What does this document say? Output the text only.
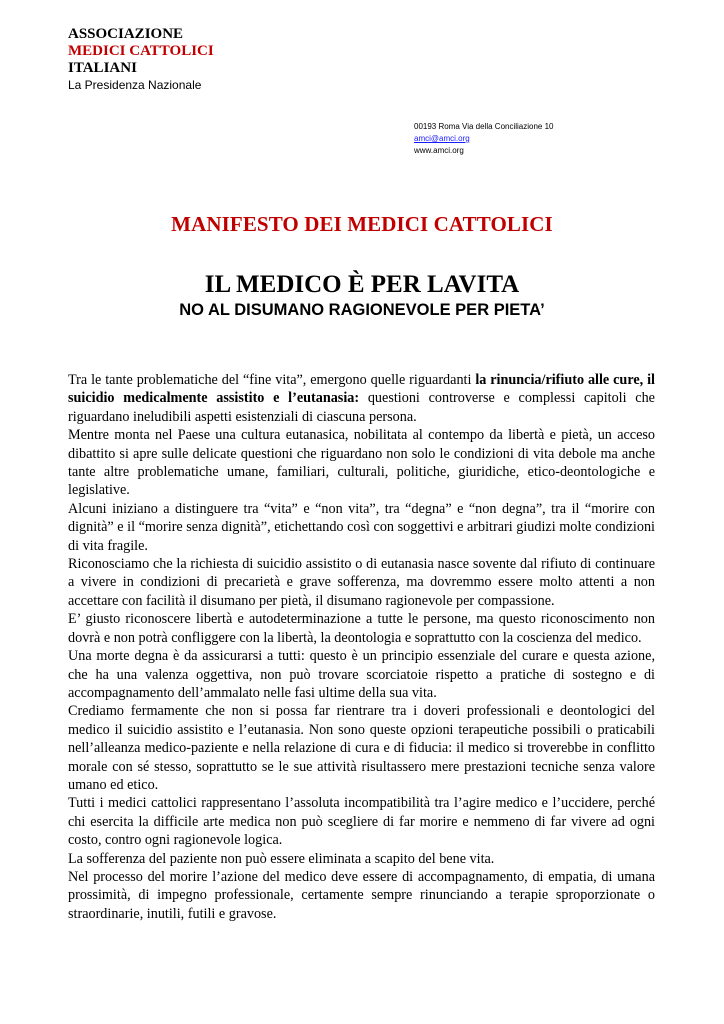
ASSOCIAZIONE
MEDICI CATTOLICI
ITALIANI
La Presidenza Nazionale
00193 Roma Via della Conciliazione 10
amci@amci.org
www.amci.org
MANIFESTO DEI MEDICI CATTOLICI
IL MEDICO È PER LAVITA
NO AL DISUMANO RAGIONEVOLE PER PIETA’

Tra le tante problematiche del “fine vita”, emergono quelle riguardanti la rinuncia/rifiuto alle cure, il suicidio medicalmente assistito e l’eutanasia: questioni controverse e complessi capitoli che riguardano ineludibili aspetti esistenziali di ciascuna persona.

Mentre monta nel Paese una cultura eutanasica, nobilitata al contempo da libertà e pietà, un acceso dibattito si apre sulle delicate questioni che riguardano non solo le condizioni di vita debole ma anche tante altre problematiche umane, familiari, culturali, politiche, giuridiche, etico-deontologiche e legislative.

Alcuni iniziano a distinguere tra “vita” e “non vita”, tra “degna” e “non degna”, tra il “morire con dignità” e il “morire senza dignità”, etichettando così con soggettivi e arbitrari giudizi molte condizioni di vita fragile.

Riconosciamo che la richiesta di suicidio assistito o di eutanasia nasce sovente dal rifiuto di continuare a vivere in condizioni di precarietà e grave sofferenza, ma dovremmo essere molto attenti a non accettare con facilità il disumano per pietà, il disumano ragionevole per compassione.

E’ giusto riconoscere libertà e autodeterminazione a tutte le persone, ma questo riconoscimento non dovrà e non potrà confliggere con la libertà, la deontologia e soprattutto con la coscienza del medico.

Una morte degna è da assicurarsi a tutti: questo è un principio essenziale del curare e questa azione, che ha una valenza oggettiva, non può trovare scorciatoie rispetto a pratiche di sostegno e di accompagnamento dell’ammalato nelle fasi ultime della sua vita.

Crediamo fermamente che non si possa far rientrare tra i doveri professionali e deontologici del medico il suicidio assistito e l’eutanasia. Non sono queste opzioni terapeutiche possibili o praticabili nell’alleanza medico-paziente e nella relazione di cura e di fiducia: il medico si troverebbe in conflitto morale con sé stesso, soprattutto se le sue attività risultassero mere prestazioni tecniche senza valore umano ed etico.

Tutti i medici cattolici rappresentano l’assoluta incompatibilità tra l’agire medico e l’uccidere, perché chi esercita la difficile arte medica non può scegliere di far morire e nemmeno di far vivere ad ogni costo, contro ogni ragionevole logica.

La sofferenza del paziente non può essere eliminata a scapito del bene vita.

Nel processo del morire l’azione del medico deve essere di accompagnamento, di empatia, di umana prossimità, di impegno professionale, certamente sempre rinunciando a terapie sproporzionate o straordinarie, inutili, futili e gravose.
